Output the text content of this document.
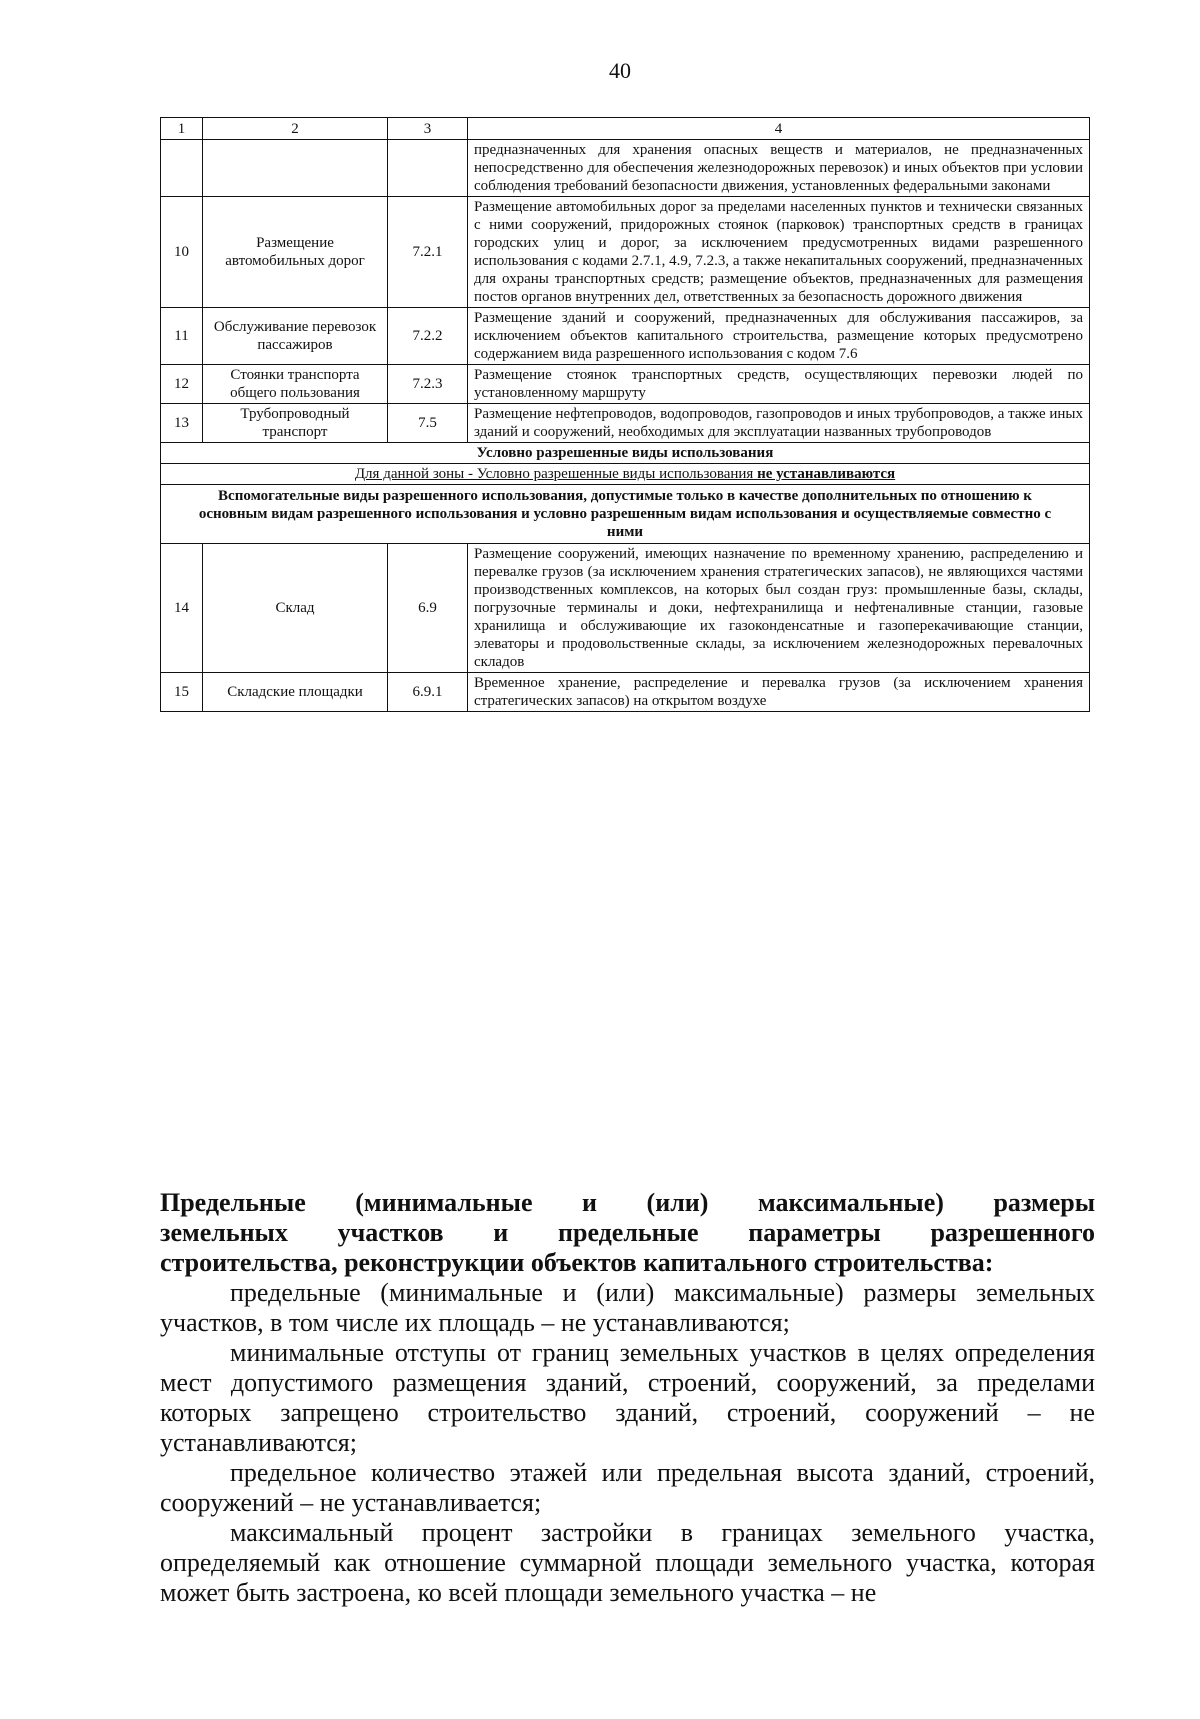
40
1	2	3	4
			предназначенных для хранения опасных веществ и материалов, не предназначенных непосредственно для обеспечения железнодорожных перевозок) и иных объектов при условии соблюдения требований безопасности движения, установленных федеральными законами
10	Размещение автомобильных дорог	7.2.1	Размещение автомобильных дорог за пределами населенных пунктов и технически связанных с ними сооружений, придорожных стоянок (парковок) транспортных средств в границах городских улиц и дорог, за исключением предусмотренных видами разрешенного использования с кодами 2.7.1, 4.9, 7.2.3, а также некапитальных сооружений, предназначенных для охраны транспортных средств; размещение объектов, предназначенных для размещения постов органов внутренних дел, ответственных за безопасность дорожного движения
11	Обслуживание перевозок пассажиров	7.2.2	Размещение зданий и сооружений, предназначенных для обслуживания пассажиров, за исключением объектов капитального строительства, размещение которых предусмотрено содержанием вида разрешенного использования с кодом 7.6
12	Стоянки транспорта общего пользования	7.2.3	Размещение стоянок транспортных средств, осуществляющих перевозки людей по установленному маршруту
13	Трубопроводный транспорт	7.5	Размещение нефтепроводов, водопроводов, газопроводов и иных трубопроводов, а также иных зданий и сооружений, необходимых для эксплуатации названных трубопроводов
Условно разрешенные виды использования			
Для данной зоны - Условно разрешенные виды использования не устанавливаются			
Вспомогательные виды разрешенного использования, допустимые только в качестве дополнительных по отношению к основным видам разрешенного использования и условно разрешенным видам использования и осуществляемые совместно с ними			
14	Склад	6.9	Размещение сооружений, имеющих назначение по временному хранению, распределению и перевалке грузов (за исключением хранения стратегических запасов), не являющихся частями производственных комплексов, на которых был создан груз: промышленные базы, склады, погрузочные терминалы и доки, нефтехранилища и нефтеналивные станции, газовые хранилища и обслуживающие их газоконденсатные и газоперекачивающие станции, элеваторы и продовольственные склады, за исключением железнодорожных перевалочных складов
15	Складские площадки	6.9.1	Временное хранение, распределение и перевалка грузов (за исключением хранения стратегических запасов) на открытом воздухе

Предельные (минимальные и (или) максимальные) размеры

земельных участков и предельные параметры разрешенного

строительства, реконструкции объектов капитального строительства:

предельные (минимальные и (или) максимальные) размеры земельных участков, в том числе их площадь – не устанавливаются;

минимальные отступы от границ земельных участков в целях определения мест допустимого размещения зданий, строений, сооружений, за пределами которых запрещено строительство зданий, строений, сооружений – не устанавливаются;

предельное количество этажей или предельная высота зданий, строений, сооружений – не устанавливается;

максимальный процент застройки в границах земельного участка, определяемый как отношение суммарной площади земельного участка, которая может быть застроена, ко всей площади земельного участка – не
